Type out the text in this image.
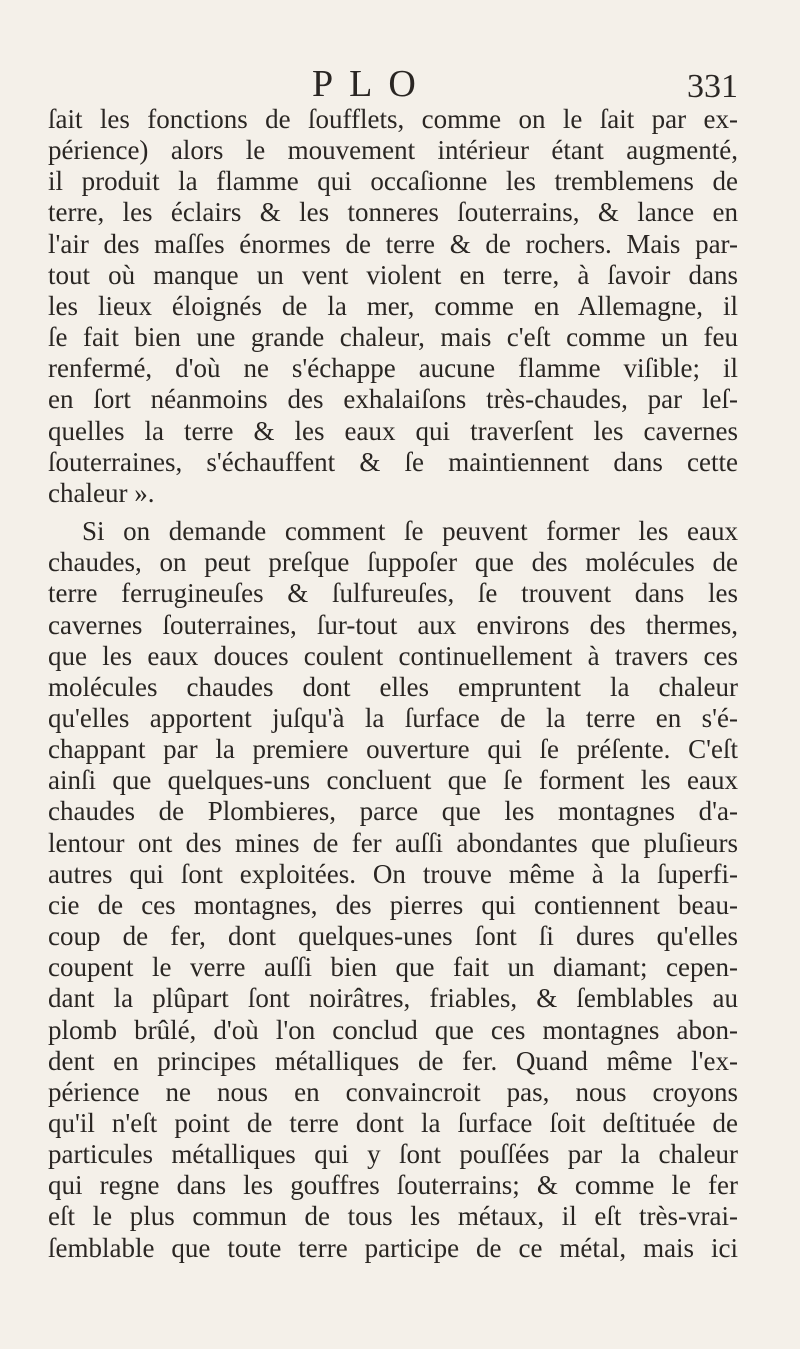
PLO	331
ſait les fonctions de ſoufflets, comme on le ſait par ex-
périence) alors le mouvement intérieur étant augmenté,
il produit la flamme qui occaſionne les tremblemens de
terre, les éclairs & les tonneres ſouterrains, & lance en
l'air des maſſes énormes de terre & de rochers. Mais par-
tout où manque un vent violent en terre, à ſavoir dans
les lieux éloignés de la mer, comme en Allemagne, il
ſe fait bien une grande chaleur, mais c'eſt comme un feu
renfermé, d'où ne s'échappe aucune flamme viſible; il
en ſort néanmoins des exhalaiſons très-chaudes, par leſ-
quelles la terre & les eaux qui traverſent les cavernes
ſouterraines, s'échauffent & ſe maintiennent dans cette
chaleur ».
Si on demande comment ſe peuvent former les eaux
chaudes, on peut preſque ſuppoſer que des molécules de
terre ferrugineuſes & ſulfureuſes, ſe trouvent dans les
cavernes ſouterraines, ſur-tout aux environs des thermes,
que les eaux douces coulent continuellement à travers ces
molécules chaudes dont elles empruntent la chaleur
qu'elles apportent juſqu'à la ſurface de la terre en s'é-
chappant par la premiere ouverture qui ſe préſente. C'eſt
ainſi que quelques-uns concluent que ſe forment les eaux
chaudes de Plombieres, parce que les montagnes d'a-
lentour ont des mines de fer auſſi abondantes que pluſieurs
autres qui ſont exploitées. On trouve même à la ſuperfi-
cie de ces montagnes, des pierres qui contiennent beau-
coup de fer, dont quelques-unes ſont ſi dures qu'elles
coupent le verre auſſi bien que fait un diamant; cepen-
dant la plûpart ſont noirâtres, friables, & ſemblables au
plomb brûlé, d'où l'on conclud que ces montagnes abon-
dent en principes métalliques de fer. Quand même l'ex-
périence ne nous en convaincroit pas, nous croyons
qu'il n'eſt point de terre dont la ſurface ſoit deſtituée de
particules métalliques qui y ſont pouſſées par la chaleur
qui regne dans les gouffres ſouterrains; & comme le fer
eſt le plus commun de tous les métaux, il eſt très-vrai-
ſemblable que toute terre participe de ce métal, mais ici
